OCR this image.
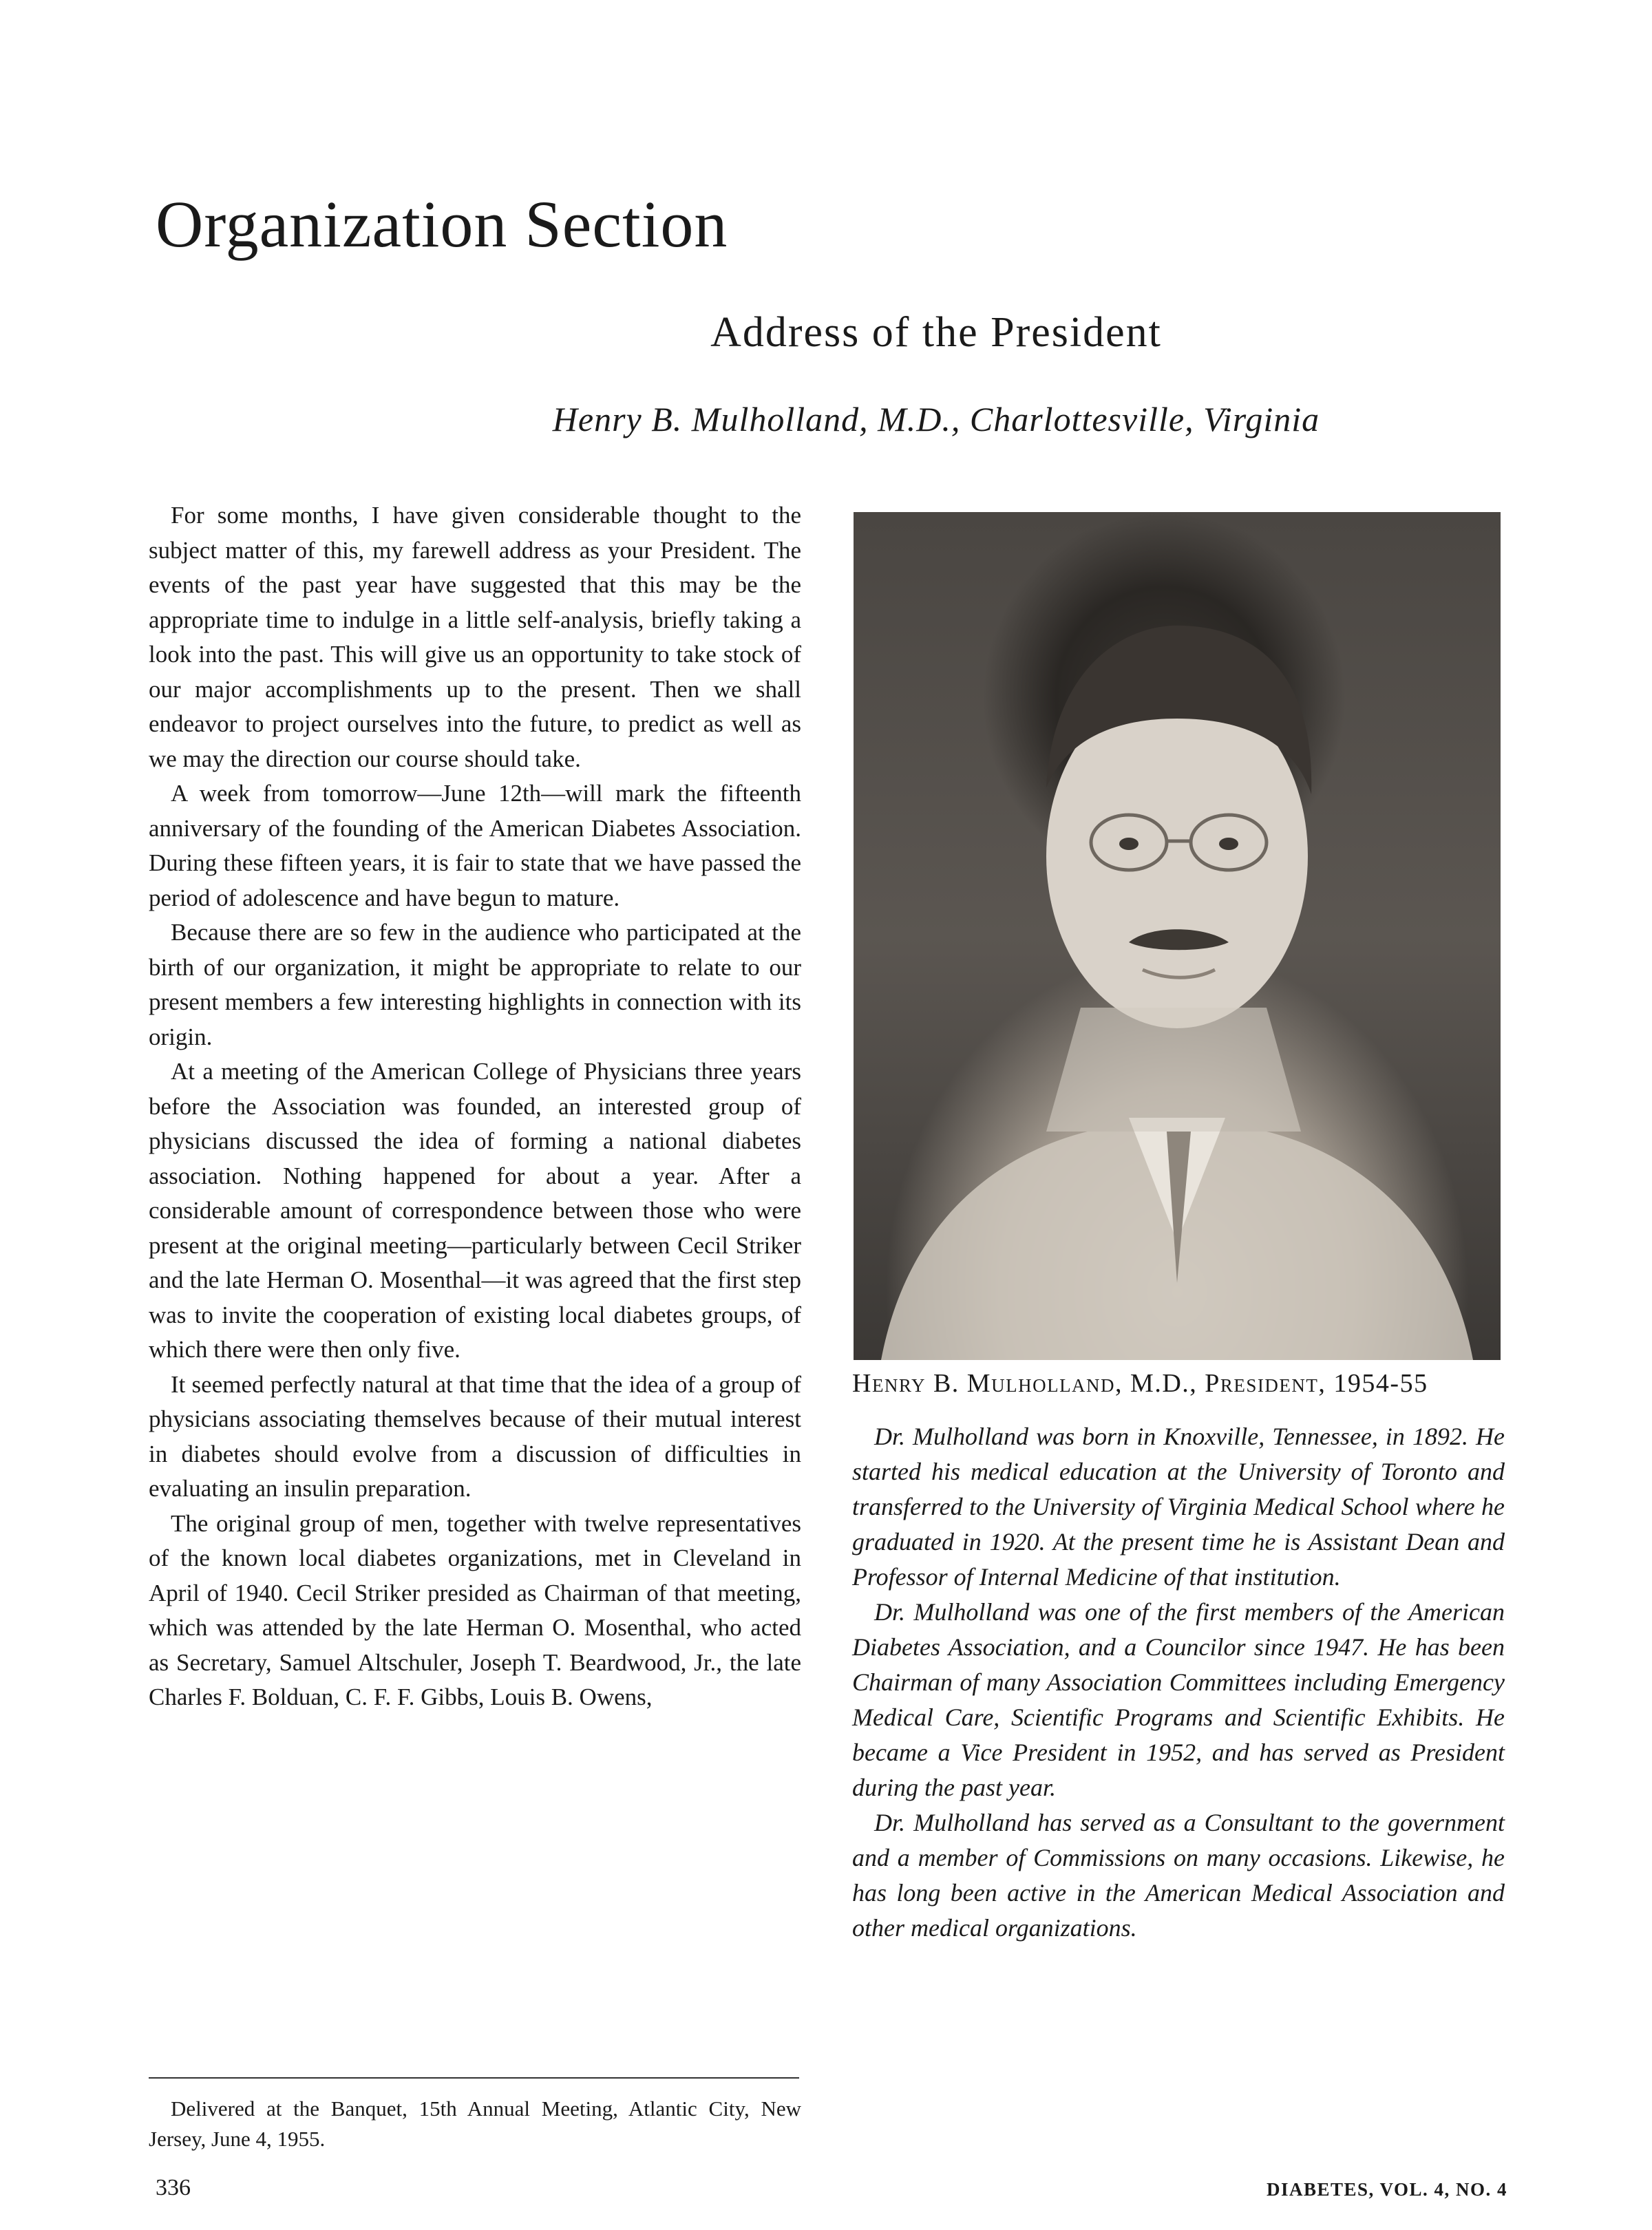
Organization Section
Address of the President
Henry B. Mulholland, M.D., Charlottesville, Virginia

For some months, I have given considerable thought to the subject matter of this, my farewell address as your President. The events of the past year have suggested that this may be the appropriate time to indulge in a little self-analysis, briefly taking a look into the past. This will give us an opportunity to take stock of our major accomplishments up to the present. Then we shall endeavor to project ourselves into the future, to predict as well as we may the direction our course should take.

A week from tomorrow—June 12th—will mark the fifteenth anniversary of the founding of the American Diabetes Association. During these fifteen years, it is fair to state that we have passed the period of adolescence and have begun to mature.

Because there are so few in the audience who participated at the birth of our organization, it might be appropriate to relate to our present members a few interesting highlights in connection with its origin.

At a meeting of the American College of Physicians three years before the Association was founded, an interested group of physicians discussed the idea of forming a national diabetes association. Nothing happened for about a year. After a considerable amount of correspondence between those who were present at the original meeting—particularly between Cecil Striker and the late Herman O. Mosenthal—it was agreed that the first step was to invite the cooperation of existing local diabetes groups, of which there were then only five.

It seemed perfectly natural at that time that the idea of a group of physicians associating themselves because of their mutual interest in diabetes should evolve from a discussion of difficulties in evaluating an insulin preparation.

The original group of men, together with twelve representatives of the known local diabetes organizations, met in Cleveland in April of 1940. Cecil Striker presided as Chairman of that meeting, which was attended by the late Herman O. Mosenthal, who acted as Secretary, Samuel Altschuler, Joseph T. Beardwood, Jr., the late Charles F. Bolduan, C. F. F. Gibbs, Louis B. Owens,

Delivered at the Banquet, 15th Annual Meeting, Atlantic City, New Jersey, June 4, 1955.

Henry B. Mulholland, M.D., President, 1954-55

Dr. Mulholland was born in Knoxville, Tennessee, in 1892. He started his medical education at the University of Toronto and transferred to the University of Virginia Medical School where he graduated in 1920. At the present time he is Assistant Dean and Professor of Internal Medicine of that institution.

Dr. Mulholland was one of the first members of the American Diabetes Association, and a Councilor since 1947. He has been Chairman of many Association Committees including Emergency Medical Care, Scientific Programs and Scientific Exhibits. He became a Vice President in 1952, and has served as President during the past year.

Dr. Mulholland has served as a Consultant to the government and a member of Commissions on many occasions. Likewise, he has long been active in the American Medical Association and other medical organizations.

336	DIABETES, VOL. 4, NO. 4
